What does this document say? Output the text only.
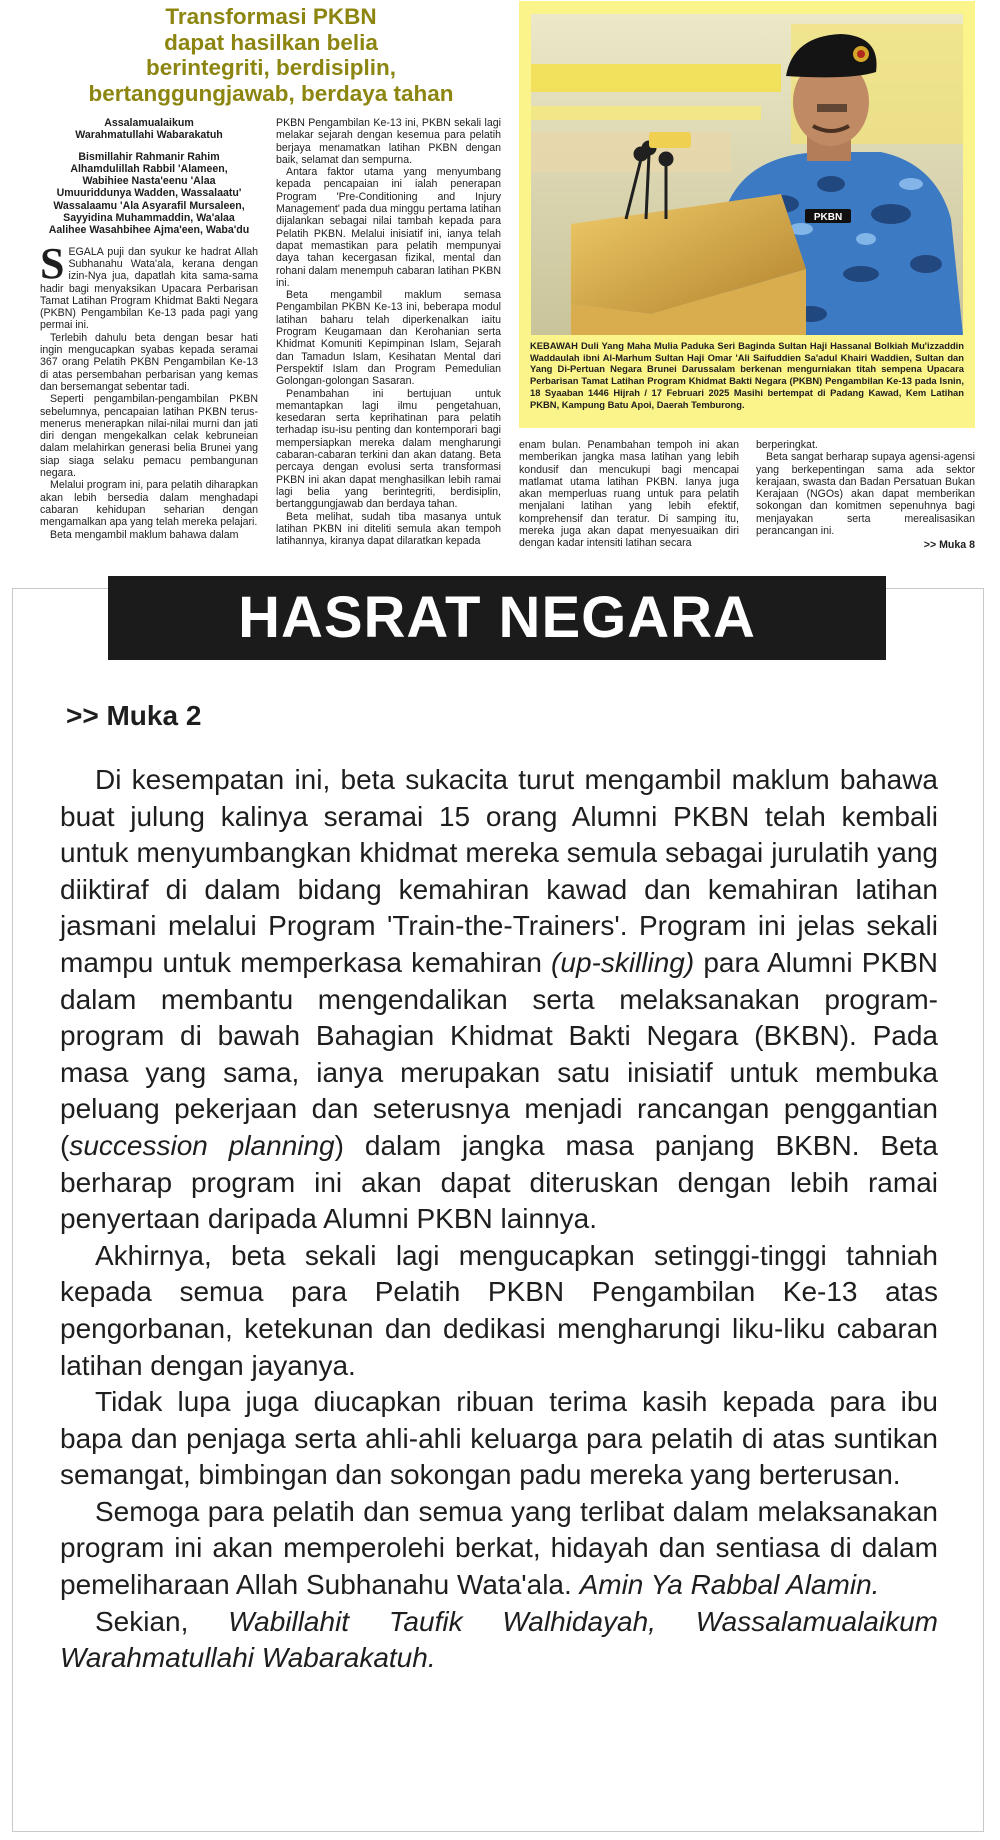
Transformasi PKBN
dapat hasilkan belia
berintegriti, berdisiplin,
bertanggungjawab, berdaya tahan
Assalamualaikum
Warahmatullahi Wabarakatuh
Bismillahir Rahmanir Rahim
Alhamdulillah Rabbil 'Alameen,
Wabihiee Nasta'eenu 'Alaa
Umuuriddunya Wadden, Wassalaatu'
Wassalaamu 'Ala Asyarafil Mursaleen,
Sayyidina Muhammaddin, Wa'alaa
Aalihee Wasahbihee Ajma'een, Waba'du

SEGALA puji dan syukur ke hadrat Allah Subhanahu Wata'ala, kerana dengan izin-Nya jua, dapatlah kita sama-sama hadir bagi menyaksikan Upacara Perbarisan Tamat Latihan Program Khidmat Bakti Negara (PKBN) Pengambilan Ke-13 pada pagi yang permai ini.

Terlebih dahulu beta dengan besar hati ingin mengucapkan syabas kepada seramai 367 orang Pelatih PKBN Pengambilan Ke-13 di atas persembahan perbarisan yang kemas dan bersemangat sebentar tadi.

Seperti pengambilan-pengambilan PKBN sebelumnya, pencapaian latihan PKBN terus-menerus menerapkan nilai-nilai murni dan jati diri dengan mengekalkan celak kebruneian dalam melahirkan generasi belia Brunei yang siap siaga selaku pemacu pembangunan negara.

Melalui program ini, para pelatih diharapkan akan lebih bersedia dalam menghadapi cabaran kehidupan seharian dengan mengamalkan apa yang telah mereka pelajari.

Beta mengambil maklum bahawa dalam

PKBN Pengambilan Ke-13 ini, PKBN sekali lagi melakar sejarah dengan kesemua para pelatih berjaya menamatkan latihan PKBN dengan baik, selamat dan sempurna.

Antara faktor utama yang menyumbang kepada pencapaian ini ialah penerapan Program 'Pre-Conditioning and Injury Management' pada dua minggu pertama latihan dijalankan sebagai nilai tambah kepada para Pelatih PKBN. Melalui inisiatif ini, ianya telah dapat memastikan para pelatih mempunyai daya tahan kecergasan fizikal, mental dan rohani dalam menempuh cabaran latihan PKBN ini.

Beta mengambil maklum semasa Pengambilan PKBN Ke-13 ini, beberapa modul latihan baharu telah diperkenalkan iaitu Program Keugamaan dan Kerohanian serta Khidmat Komuniti Kepimpinan Islam, Sejarah dan Tamadun Islam, Kesihatan Mental dari Perspektif Islam dan Program Pemedulian Golongan-golongan Sasaran.

Penambahan ini bertujuan untuk memantapkan lagi ilmu pengetahuan, kesedaran serta keprihatinan para pelatih terhadap isu-isu penting dan kontemporari bagi mempersiapkan mereka dalam mengharungi cabaran-cabaran terkini dan akan datang. Beta percaya dengan evolusi serta transformasi PKBN ini akan dapat menghasilkan lebih ramai lagi belia yang berintegriti, berdisiplin, bertanggungjawab dan berdaya tahan.

Beta melihat, sudah tiba masanya untuk latihan PKBN ini diteliti semula akan tempoh latihannya, kiranya dapat dilaratkan kepada

PKBN
KEBAWAH Duli Yang Maha Mulia Paduka Seri Baginda Sultan Haji Hassanal Bolkiah Mu'izzaddin Waddaulah ibni Al-Marhum Sultan Haji Omar 'Ali Saifuddien Sa'adul Khairi Waddien, Sultan dan Yang Di-Pertuan Negara Brunei Darussalam berkenan mengurniakan titah sempena Upacara Perbarisan Tamat Latihan Program Khidmat Bakti Negara (PKBN) Pengambilan Ke-13 pada Isnin, 18 Syaaban 1446 Hijrah / 17 Februari 2025 Masihi bertempat di Padang Kawad, Kem Latihan PKBN, Kampung Batu Apoi, Daerah Temburong.

enam bulan. Penambahan tempoh ini akan memberikan jangka masa latihan yang lebih kondusif dan mencukupi bagi mencapai matlamat utama latihan PKBN. Ianya juga akan memperluas ruang untuk para pelatih menjalani latihan yang lebih efektif, komprehensif dan teratur. Di samping itu, mereka juga akan dapat menyesuaikan diri dengan kadar intensiti latihan secara

berperingkat.

Beta sangat berharap supaya agensi-agensi yang berkepentingan sama ada sektor kerajaan, swasta dan Badan Persatuan Bukan Kerajaan (NGOs) akan dapat memberikan sokongan dan komitmen sepenuhnya bagi menjayakan serta merealisasikan perancangan ini.

>> Muka 8
HASRAT NEGARA
>> Muka 2

Di kesempatan ini, beta sukacita turut mengambil maklum bahawa buat julung kalinya seramai 15 orang Alumni PKBN telah kembali untuk menyumbangkan khidmat mereka semula sebagai jurulatih yang diiktiraf di dalam bidang kemahiran kawad dan kemahiran latihan jasmani melalui Program 'Train-the-Trainers'. Program ini jelas sekali mampu untuk memperkasa kemahiran (up-skilling) para Alumni PKBN dalam membantu mengendalikan serta melaksanakan program-program di bawah Bahagian Khidmat Bakti Negara (BKBN). Pada masa yang sama, ianya merupakan satu inisiatif untuk membuka peluang pekerjaan dan seterusnya menjadi rancangan penggantian (succession planning) dalam jangka masa panjang BKBN. Beta berharap program ini akan dapat diteruskan dengan lebih ramai penyertaan daripada Alumni PKBN lainnya.

Akhirnya, beta sekali lagi mengucapkan setinggi-tinggi tahniah kepada semua para Pelatih PKBN Pengambilan Ke-13 atas pengorbanan, ketekunan dan dedikasi mengharungi liku-liku cabaran latihan dengan jayanya.

Tidak lupa juga diucapkan ribuan terima kasih kepada para ibu bapa dan penjaga serta ahli-ahli keluarga para pelatih di atas suntikan semangat, bimbingan dan sokongan padu mereka yang berterusan.

Semoga para pelatih dan semua yang terlibat dalam melaksanakan program ini akan memperolehi berkat, hidayah dan sentiasa di dalam pemeliharaan Allah Subhanahu Wata'ala. Amin Ya Rabbal Alamin.

Sekian, Wabillahit Taufik Walhidayah, Wassalamualaikum Warahmatullahi Wabarakatuh.
